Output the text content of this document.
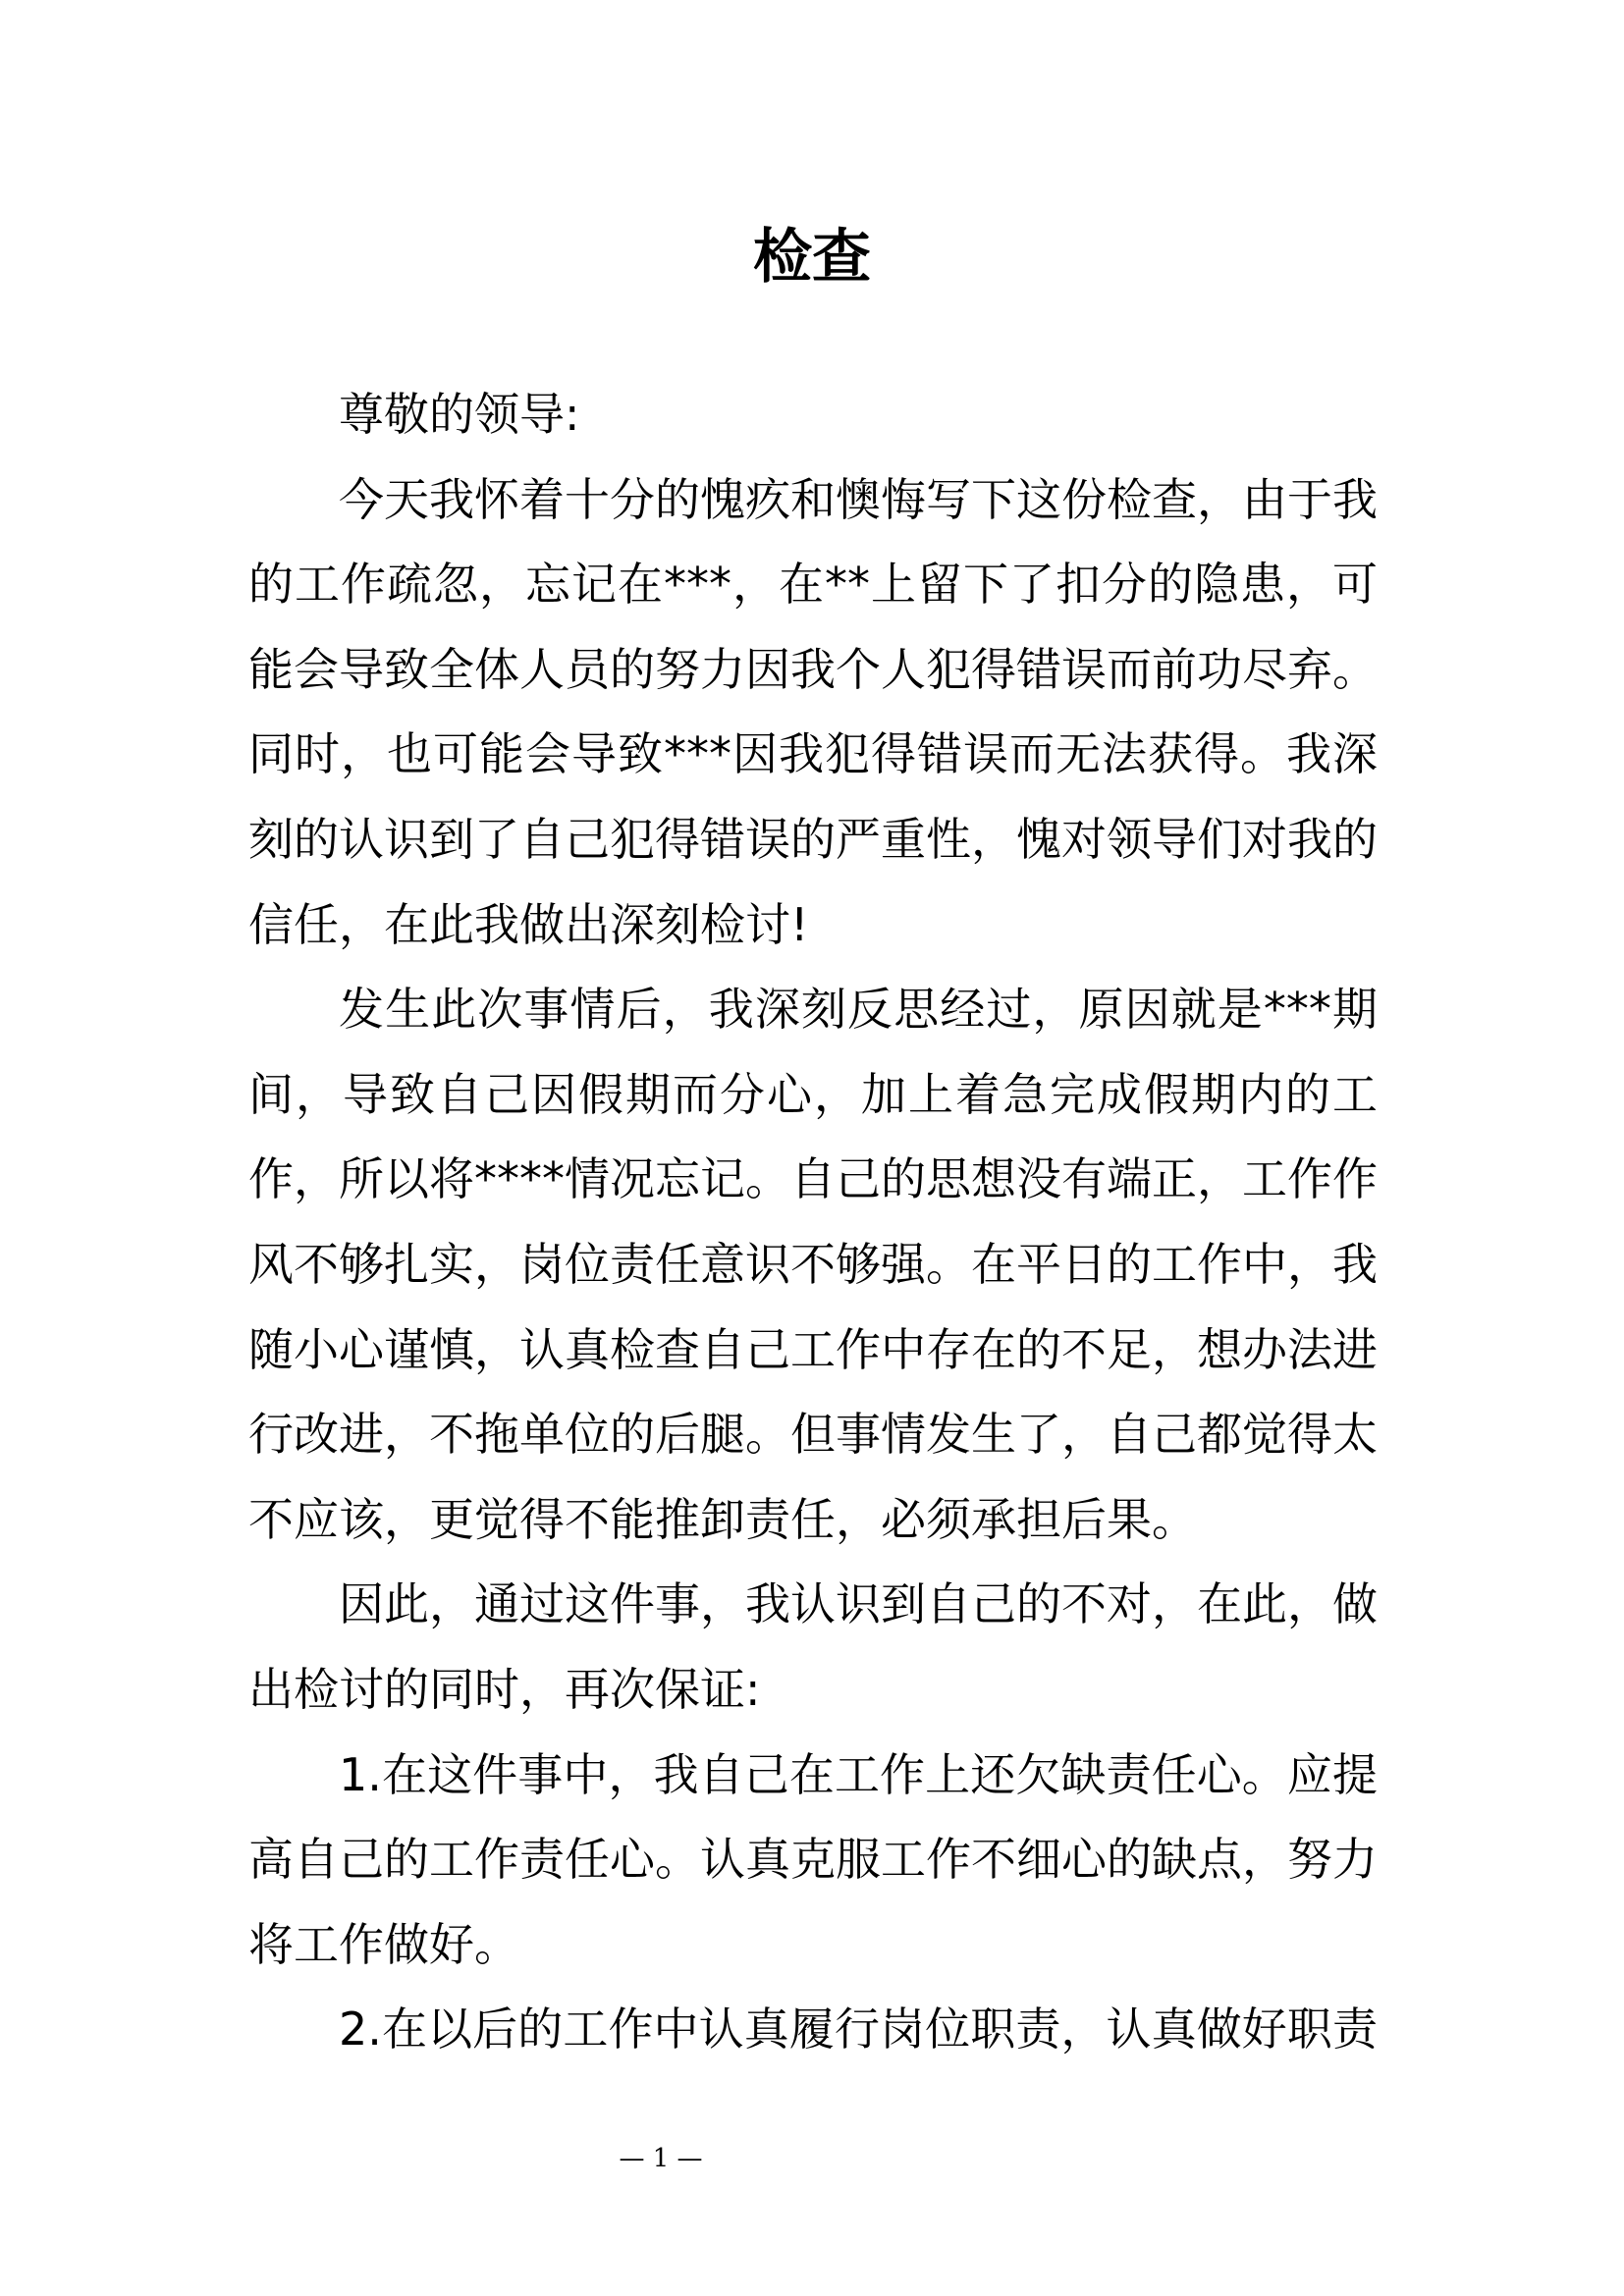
检查
尊敬的领导:
今天我怀着十分的愧疚和懊悔写下这份检查，由于我
的工作疏忽，忘记在***，在**上留下了扣分的隐患，可
能会导致全体人员的努力因我个人犯得错误而前功尽弃。
同时，也可能会导致***因我犯得错误而无法获得。我深
刻的认识到了自己犯得错误的严重性，愧对领导们对我的
信任，在此我做出深刻检讨!
发生此次事情后，我深刻反思经过，原因就是***期
间，导致自己因假期而分心，加上着急完成假期内的工
作，所以将****情况忘记。自己的思想没有端正，工作作
风不够扎实，岗位责任意识不够强。在平日的工作中，我
随小心谨慎，认真检查自己工作中存在的不足，想办法进
行改进，不拖单位的后腿。但事情发生了，自己都觉得太
不应该，更觉得不能推卸责任，必须承担后果。
因此，通过这件事，我认识到自己的不对，在此，做
出检讨的同时，再次保证:
1.在这件事中，我自己在工作上还欠缺责任心。应提
高自己的工作责任心。认真克服工作不细心的缺点，努力
将工作做好。
2.在以后的工作中认真履行岗位职责，认真做好职责
— 1 —
